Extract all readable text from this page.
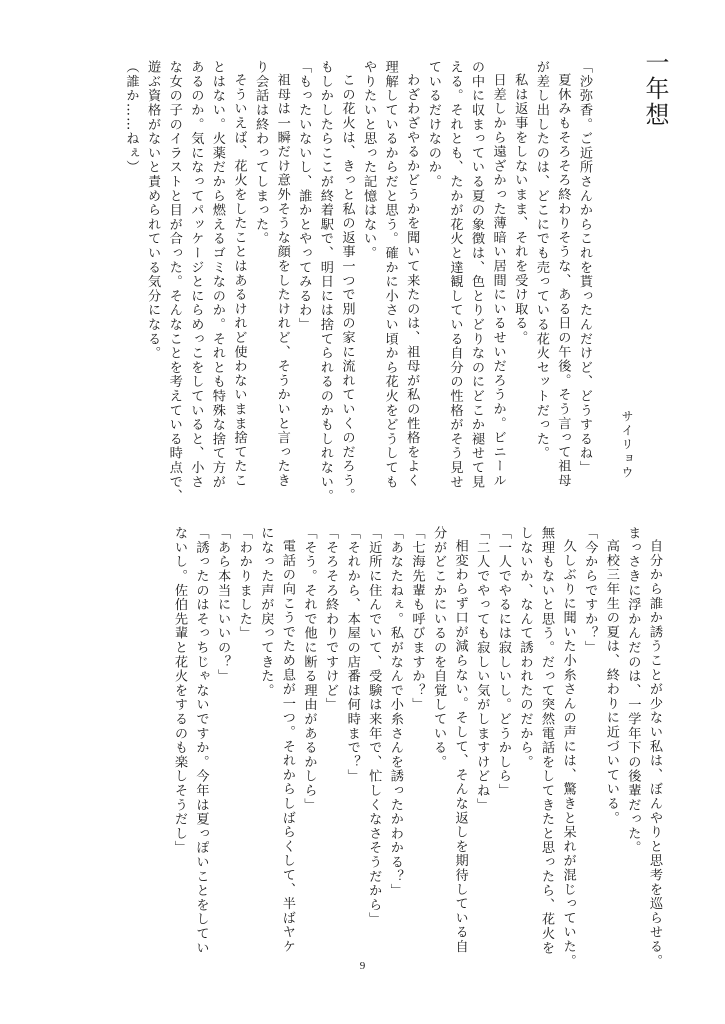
一年想
サイリョウ

「沙弥香。ご近所さんからこれを貰ったんだけど、どうするね」

夏休みもそろそろ終わりそうな、ある日の午後。そう言って祖母

が差し出したのは、どこにでも売っている花火セットだった。

私は返事をしないまま、それを受け取る。

日差しから遠ざかった薄暗い居間にいるせいだろうか。ビニール

の中に収まっている夏の象徴は、色とりどりなのにどこか褪せて見

える。それとも、たかが花火と達観している自分の性格がそう見せ

ているだけなのか。

わざわざやるかどうかを聞いて来たのは、祖母が私の性格をよく

理解しているからだと思う。確かに小さい頃から花火をどうしても

やりたいと思った記憶はない。

この花火は、きっと私の返事一つで別の家に流れていくのだろう。

もしかしたらここが終着駅で、明日には捨てられるのかもしれない。

「もったいないし、誰かとやってみるわ」

祖母は一瞬だけ意外そうな顔をしたけれど、そうかいと言ったき

り会話は終わってしまった。

そういえば、花火をしたことはあるけれど使わないまま捨てたこ

とはない。火薬だから燃えるゴミなのか。それとも特殊な捨て方が

あるのか。気になってパッケージとにらめっこをしていると、小さ

な女の子のイラストと目が合った。そんなことを考えている時点で、

遊ぶ資格がないと責められている気分になる。

（誰か……ねぇ）

自分から誰か誘うことが少ない私は、ぼんやりと思考を巡らせる。

まっさきに浮かんだのは、一学年下の後輩だった。

高校三年生の夏は、終わりに近づいている。

「今からですか？」

久しぶりに聞いた小糸さんの声には、驚きと呆れが混じっていた。

無理もないと思う。だって突然電話をしてきたと思ったら、花火を

しないか、なんて誘われたのだから。

「一人でやるには寂しいし。どうかしら」

「二人でやっても寂しい気がしますけどね」

相変わらず口が減らない。そして、そんな返しを期待している自

分がどこかにいるのを自覚している。

「七海先輩も呼びますか？」

「あなたねぇ。私がなんで小糸さんを誘ったかわかる？」

「近所に住んでいて、受験は来年で、忙しくなさそうだから」

「それから、本屋の店番は何時まで？」

「そろそろ終わりですけど」

「そう。それで他に断る理由があるかしら」

電話の向こうでため息が一つ。それからしばらくして、半ばヤケ

になった声が戻ってきた。

「わかりました」

「あら本当にいいの？」

「誘ったのはそっちじゃないですか。今年は夏っぽいことをしてい

ないし。佐伯先輩と花火をするのも楽しそうだし」

9
